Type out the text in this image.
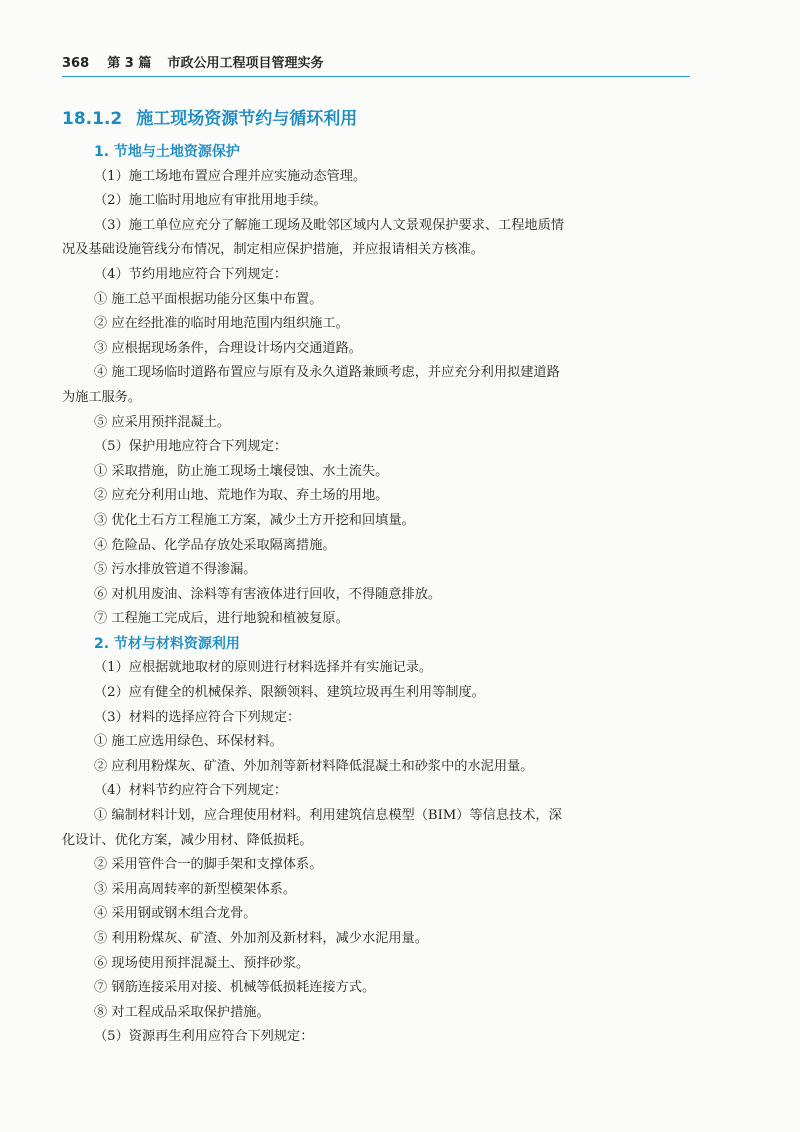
368 第 3 篇 市政公用工程项目管理实务
18.1.2 施工现场资源节约与循环利用
1. 节地与土地资源保护
（1）施工场地布置应合理并应实施动态管理。
（2）施工临时用地应有审批用地手续。
（3）施工单位应充分了解施工现场及毗邻区域内人文景观保护要求、工程地质情
况及基础设施管线分布情况，制定相应保护措施，并应报请相关方核准。
（4）节约用地应符合下列规定：
① 施工总平面根据功能分区集中布置。
② 应在经批准的临时用地范围内组织施工。
③ 应根据现场条件，合理设计场内交通道路。
④ 施工现场临时道路布置应与原有及永久道路兼顾考虑，并应充分利用拟建道路
为施工服务。
⑤ 应采用预拌混凝土。
（5）保护用地应符合下列规定：
① 采取措施，防止施工现场土壤侵蚀、水土流失。
② 应充分利用山地、荒地作为取、弃土场的用地。
③ 优化土石方工程施工方案，减少土方开挖和回填量。
④ 危险品、化学品存放处采取隔离措施。
⑤ 污水排放管道不得渗漏。
⑥ 对机用废油、涂料等有害液体进行回收，不得随意排放。
⑦ 工程施工完成后，进行地貌和植被复原。
2. 节材与材料资源利用
（1）应根据就地取材的原则进行材料选择并有实施记录。
（2）应有健全的机械保养、限额领料、建筑垃圾再生利用等制度。
（3）材料的选择应符合下列规定：
① 施工应选用绿色、环保材料。
② 应利用粉煤灰、矿渣、外加剂等新材料降低混凝土和砂浆中的水泥用量。
（4）材料节约应符合下列规定：
① 编制材料计划，应合理使用材料。利用建筑信息模型（BIM）等信息技术，深
化设计、优化方案，减少用材、降低损耗。
② 采用管件合一的脚手架和支撑体系。
③ 采用高周转率的新型模架体系。
④ 采用钢或钢木组合龙骨。
⑤ 利用粉煤灰、矿渣、外加剂及新材料，减少水泥用量。
⑥ 现场使用预拌混凝土、预拌砂浆。
⑦ 钢筋连接采用对接、机械等低损耗连接方式。
⑧ 对工程成品采取保护措施。
（5）资源再生利用应符合下列规定：
